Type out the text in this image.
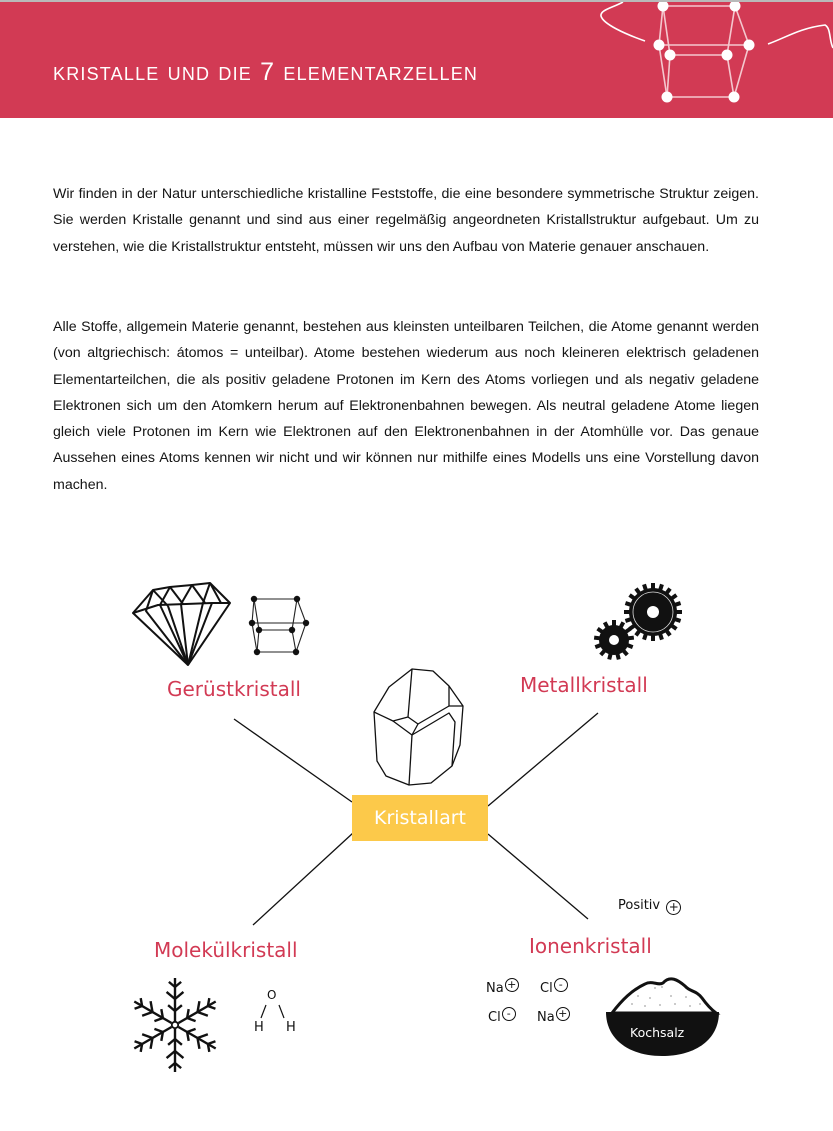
kristalle und die 7 elementarzellen

Wir finden in der Natur unterschiedliche kristalline Feststoffe, die eine besondere symmetrische Struktur zeigen. Sie werden Kristalle genannt und sind aus einer regelmäßig angeordneten Kristallstruktur aufgebaut. Um zu verstehen, wie die Kristallstruktur entsteht, müssen wir uns den Aufbau von Materie genauer anschauen.

Alle Stoffe, allgemein Materie genannt, bestehen aus kleinsten unteilbaren Teilchen, die Atome genannt werden (von altgriechisch: átomos = unteilbar). Atome bestehen wiederum aus noch kleineren elektrisch geladenen Elementarteilchen, die als positiv geladene Protonen im Kern des Atoms vorliegen und als negativ geladene Elektronen sich um den Atomkern herum auf Elektronenbahnen bewegen. Als neutral geladene Atome liegen gleich viele Protonen im Kern wie Elektronen auf den Elektronenbahnen in der Atomhülle vor. Das genaue Aussehen eines Atoms kennen wir nicht und wir können nur mithilfe eines Modells uns eine Vorstellung davon machen.

Gerüstkristall	Metallkristall
Kristallart
Molekülkristall
O
H H
Positiv +
Ionenkristall
Na + Cl -
Cl -	Na +
Kochsalz
